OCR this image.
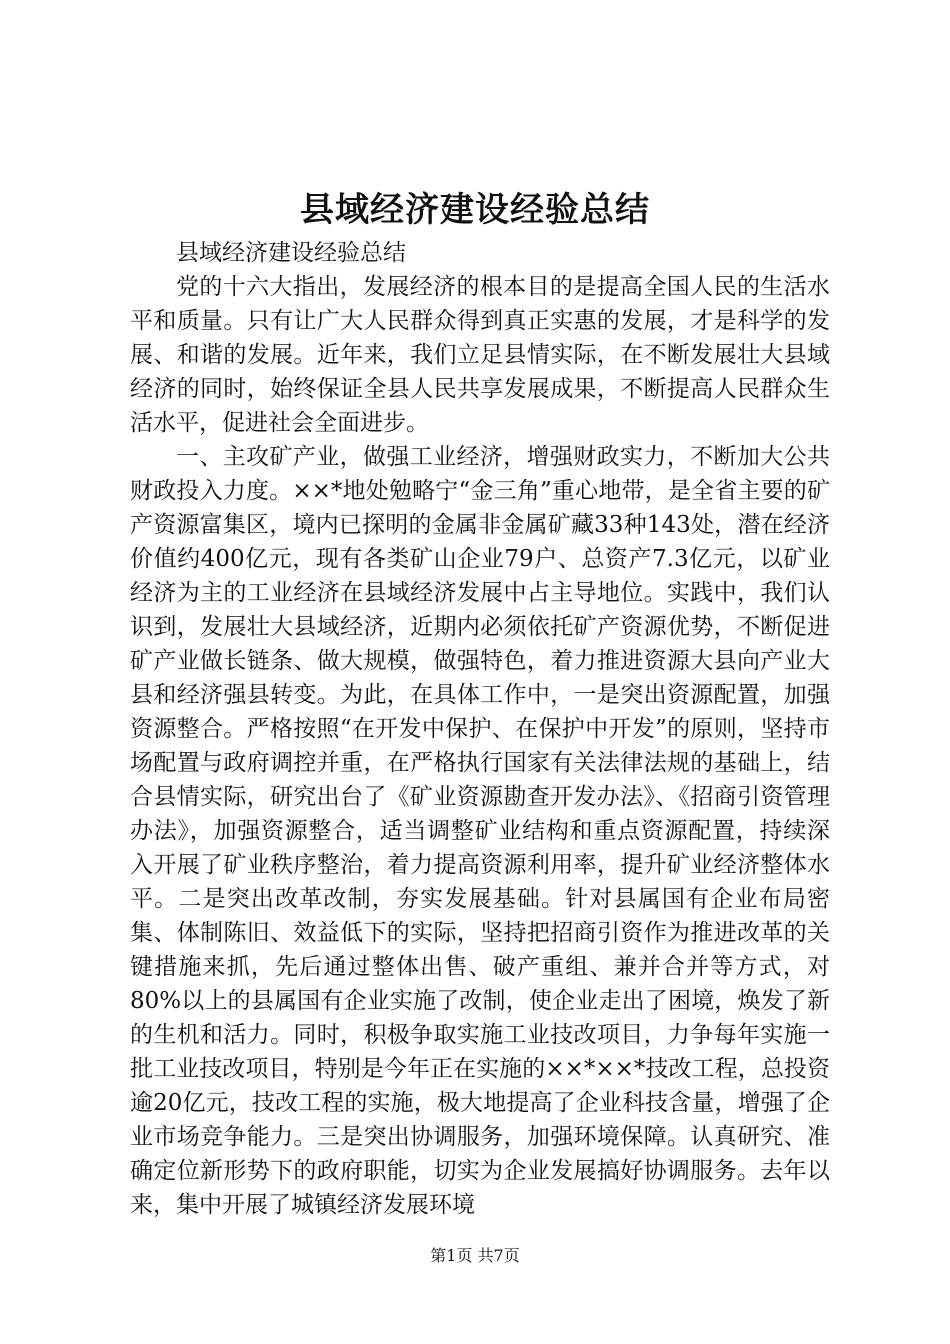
县域经济建设经验总结

县域经济建设经验总结

党的十六大指出，发展经济的根本目的是提高全国人民的生活水平和质量。只有让广大人民群众得到真正实惠的发展，才是科学的发展、和谐的发展。近年来，我们立足县情实际，在不断发展壮大县域经济的同时，始终保证全县人民共享发展成果，不断提高人民群众生活水平，促进社会全面进步。

一、主攻矿产业，做强工业经济，增强财政实力，不断加大公共财政投入力度。××*地处勉略宁“金三角”重心地带，是全省主要的矿产资源富集区，境内已探明的金属非金属矿藏33种143处，潜在经济价值约400亿元，现有各类矿山企业79户、总资产7.3亿元，以矿业经济为主的工业经济在县域经济发展中占主导地位。实践中，我们认识到，发展壮大县域经济，近期内必须依托矿产资源优势，不断促进矿产业做长链条、做大规模，做强特色，着力推进资源大县向产业大县和经济强县转变。为此，在具体工作中，一是突出资源配置，加强资源整合。严格按照“在开发中保护、在保护中开发”的原则，坚持市场配置与政府调控并重，在严格执行国家有关法律法规的基础上，结合县情实际，研究出台了《矿业资源勘查开发办法》、《招商引资管理办法》，加强资源整合，适当调整矿业结构和重点资源配置，持续深入开展了矿业秩序整治，着力提高资源利用率，提升矿业经济整体水平。二是突出改革改制，夯实发展基础。针对县属国有企业布局密集、体制陈旧、效益低下的实际，坚持把招商引资作为推进改革的关键措施来抓，先后通过整体出售、破产重组、兼并合并等方式，对80%以上的县属国有企业实施了改制，使企业走出了困境，焕发了新的生机和活力。同时，积极争取实施工业技改项目，力争每年实施一批工业技改项目，特别是今年正在实施的××*××*技改工程，总投资逾20亿元，技改工程的实施，极大地提高了企业科技含量，增强了企业市场竞争能力。三是突出协调服务，加强环境保障。认真研究、准确定位新形势下的政府职能，切实为企业发展搞好协调服务。去年以来，集中开展了城镇经济发展环境

第1页 共7页
